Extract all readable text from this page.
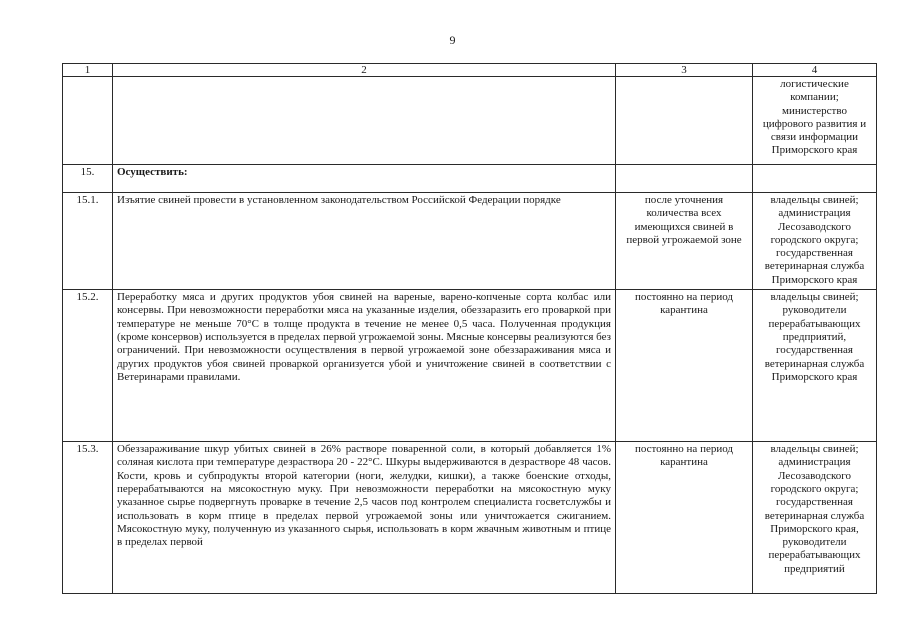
9
1	2	3	4
			логистические компании; министерство цифрового развития и связи информации Приморского края
15.	Осуществить:		
15.1.	Изъятие свиней провести в установленном законодательством Российской Федерации порядке	после уточнения количества всех имеющихся свиней в первой угрожаемой зоне	владельцы свиней; администрация Лесозаводского городского округа; государственная ветеринарная служба Приморского края
15.2.	Переработку мяса и других продуктов убоя свиней на вареные, варено-копченые сорта колбас или консервы. При невозможности переработки мяса на указанные изделия, обеззаразить его проваркой при температуре не меньше 70°С в толще продукта в течение не менее 0,5 часа. Полученная продукция (кроме консервов) используется в пределах первой угрожаемой зоны. Мясные консервы реализуются без ограничений. При невозможности осуществления в первой угрожаемой зоне обеззараживания мяса и других продуктов убоя свиней проваркой организуется убой и уничтожение свиней в соответствии с Ветеринарами правилами.	постоянно на период карантина	владельцы свиней; руководители перерабатывающих предприятий, государственная ветеринарная служба Приморского края
15.3.	Обеззараживание шкур убитых свиней в 26% растворе поваренной соли, в который добавляется 1% соляная кислота при температуре дезраствора 20 - 22°С. Шкуры выдерживаются в дезрастворе 48 часов. Кости, кровь и субпродукты второй категории (ноги, желудки, кишки), а также боенские отходы, перерабатываются на мясокостную муку. При невозможности переработки на мясокостную муку указанное сырье подвергнуть проварке в течение 2,5 часов под контролем специалиста госветслужбы и использовать в корм птице в пределах первой угрожаемой зоны или уничтожается сжиганием. Мясокостную муку, полученную из указанного сырья, использовать в корм жвачным животным и птице в пределах первой	постоянно на период карантина	владельцы свиней; администрация Лесозаводского городского округа; государственная ветеринарная служба Приморского края, руководители перерабатывающих предприятий
